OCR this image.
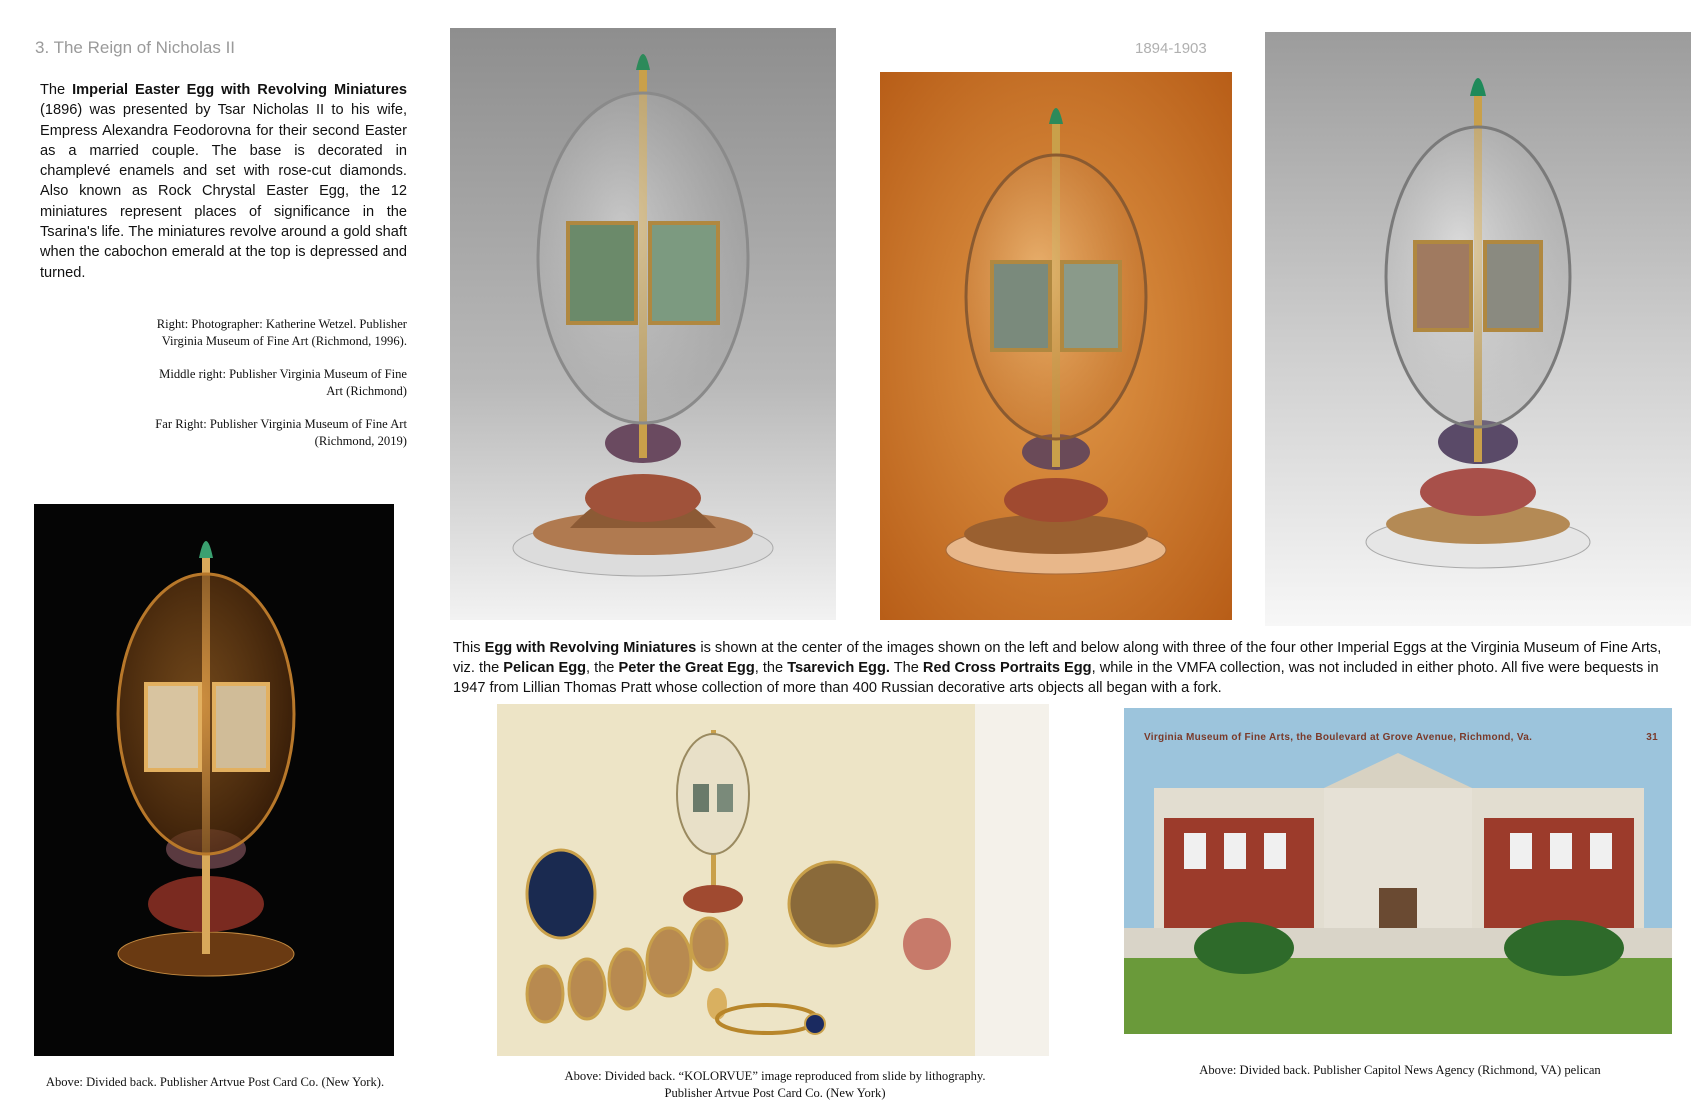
3. The Reign of Nicholas II	1894-1903
The Imperial Easter Egg with Revolving Miniatures (1896) was presented by Tsar Nicholas II to his wife, Empress Alexandra Feodorovna for their second Easter as a married couple. The base is decorated in champlevé enamels and set with rose-cut diamonds. Also known as Rock Chrystal Easter Egg, the 12 miniatures represent places of significance in the Tsarina's life. The miniatures revolve around a gold shaft when the cabochon emerald at the top is depressed and turned.

Right: Photographer: Katherine Wetzel. Publisher Virginia Museum of Fine Art (Richmond, 1996).

Middle right: Publisher Virginia Museum of Fine Art (Richmond)

Far Right: Publisher Virginia Museum of Fine Art (Richmond, 2019)

This Egg with Revolving Miniatures is shown at the center of the images shown on the left and below along with three of the four other Imperial Eggs at the Virginia Museum of Fine Arts, viz. the Pelican Egg, the Peter the Great Egg, the Tsarevich Egg. The Red Cross Portraits Egg, while in the VMFA collection, was not included in either photo. All five were bequests in 1947 from Lillian Thomas Pratt whose collection of more than 400 Russian decorative arts objects all began with a fork.
Virginia Museum of Fine Arts, the Boulevard at Grove Avenue, Richmond, Va.	31
Above: Divided back. Publisher Artvue Post Card Co. (New York).	Above: Divided back. “KOLORVUE” image reproduced from slide by lithography.
Publisher Artvue Post Card Co. (New York)
Above: Divided back. Publisher Capitol News Agency (Richmond, VA) pelican
